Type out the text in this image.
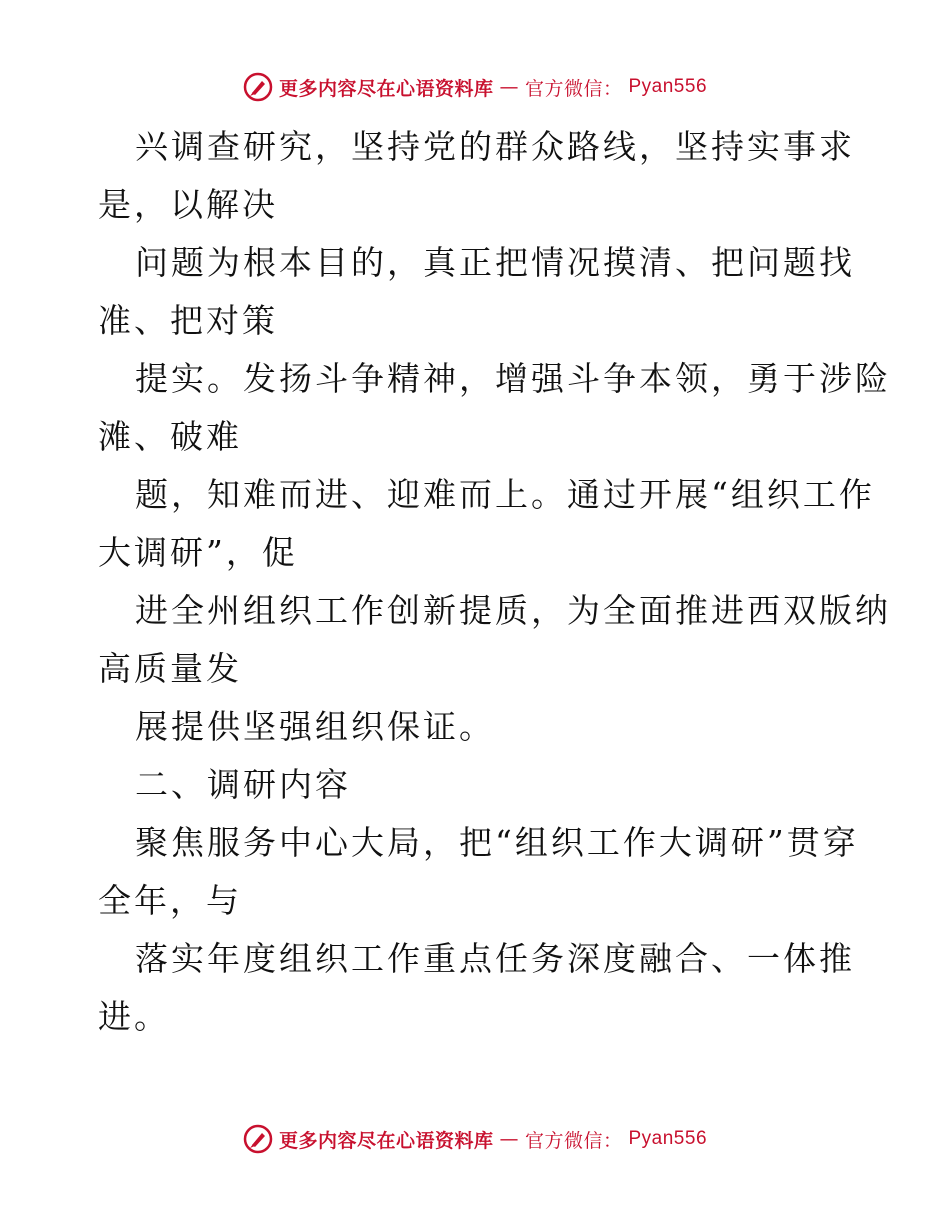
更多内容尽在心语资料库 — 官方微信： Pyan556
兴调查研究，坚持党的群众路线，坚持实事求
是，以解决
问题为根本目的，真正把情况摸清、把问题找
准、把对策
提实。发扬斗争精神，增强斗争本领，勇于涉险
滩、破难
题，知难而进、迎难而上。通过开展“组织工作
大调研”，促
进全州组织工作创新提质，为全面推进西双版纳
高质量发
展提供坚强组织保证。
二、调研内容
聚焦服务中心大局，把“组织工作大调研”贯穿
全年，与
落实年度组织工作重点任务深度融合、一体推
进。
更多内容尽在心语资料库 — 官方微信： Pyan556
